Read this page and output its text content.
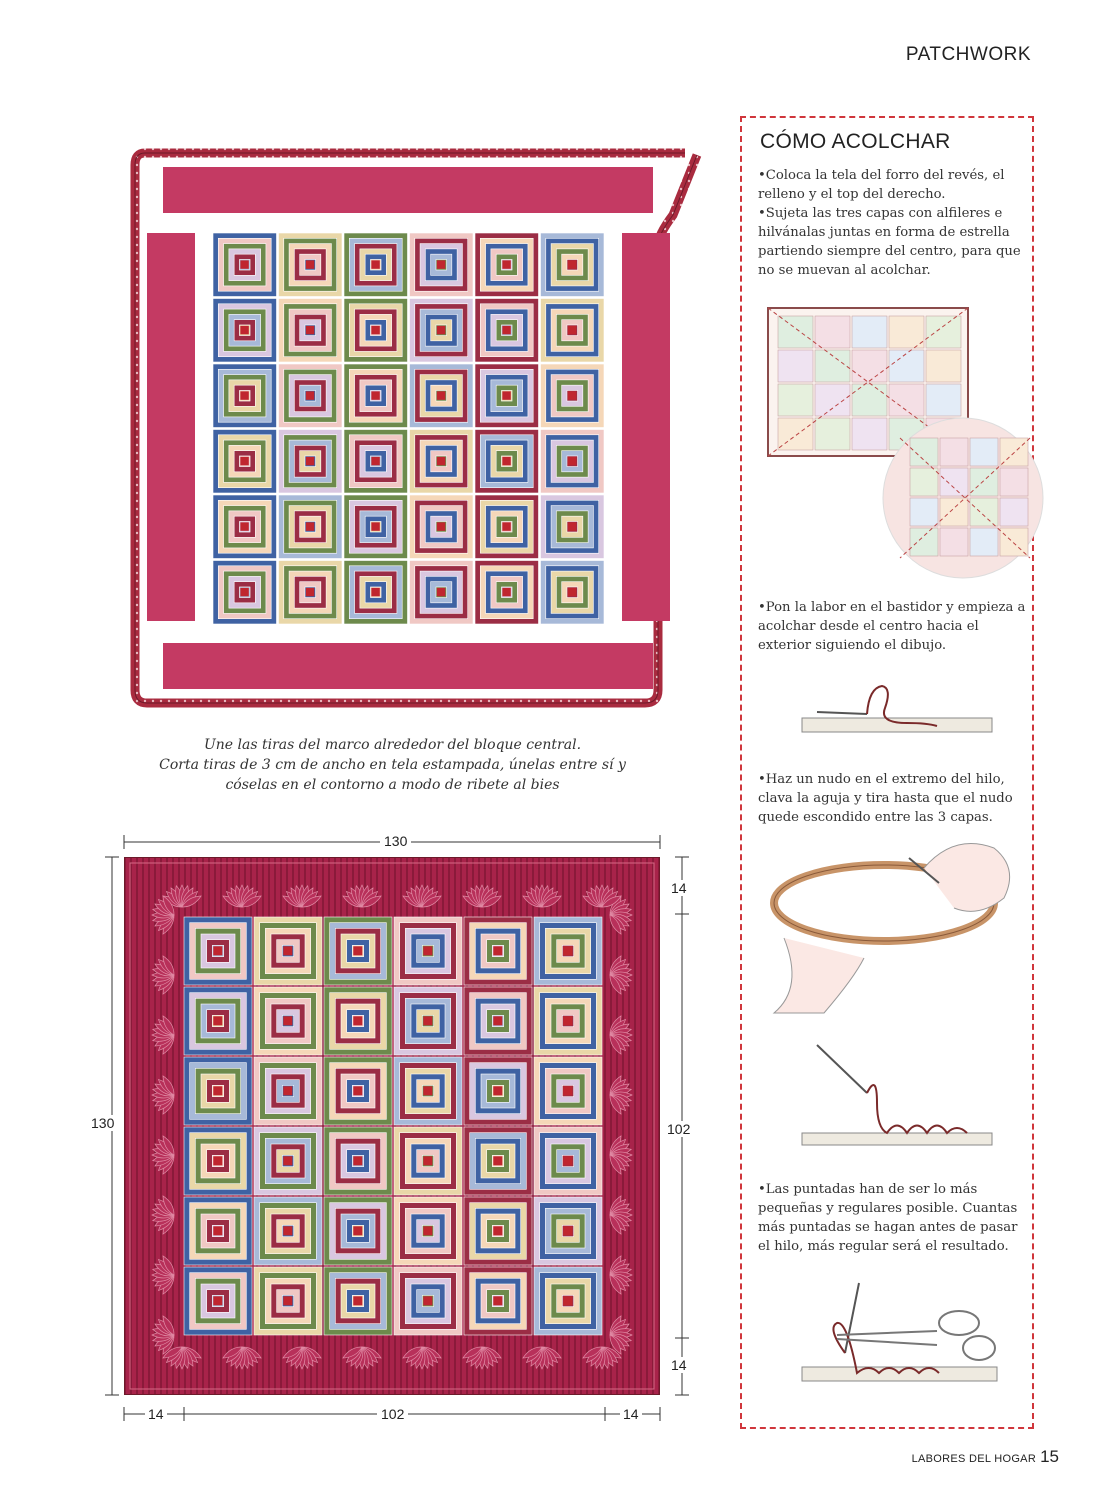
PATCHWORK
Une las tiras del marco alrededor del bloque central.
Corta tiras de 3 cm de ancho en tela estampada, únelas entre sí y
cóselas en el contorno a modo de ribete al bies
130
130
14
102
14
14	102	14
CÓMO ACOLCHAR
•Coloca la tela del forro del revés, el relleno y el top del derecho.
•Sujeta las tres capas con alfileres e hilvánalas juntas en forma de estrella partiendo siempre del centro, para que no se muevan al acolchar.
•Pon la labor en el bastidor y empieza a acolchar desde el centro hacia el exterior siguiendo el dibujo.
•Haz un nudo en el extremo del hilo, clava la aguja y tira hasta que el nudo quede escondido entre las 3 capas.
•Las puntadas han de ser lo más pequeñas y regulares posible. Cuantas más puntadas se hagan antes de pasar el hilo, más regular será el resultado.
LABORES DEL HOGAR 15
